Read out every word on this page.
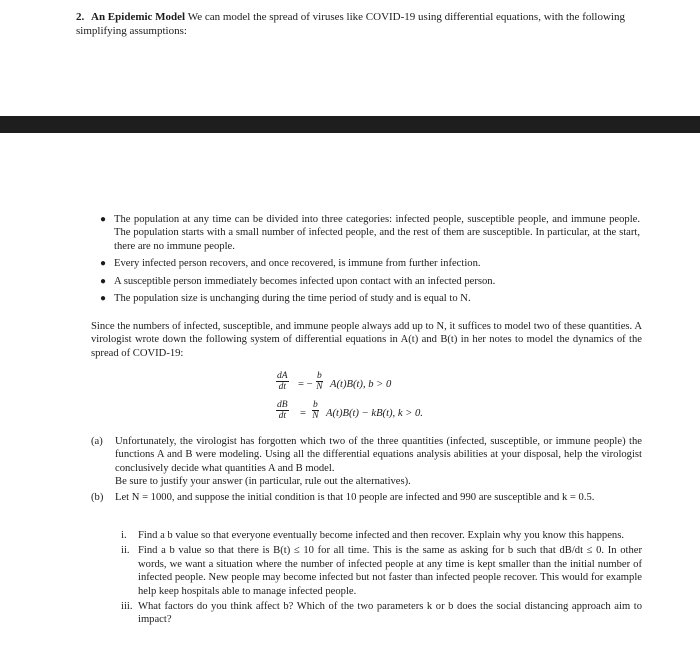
2. An Epidemic Model We can model the spread of viruses like COVID-19 using differential equations, with the following simplifying assumptions:
● The population at any time can be divided into three categories: infected people, susceptible people, and immune people. The population starts with a small number of infected people, and the rest of them are susceptible. In particular, at the start, there are no immune people.
● Every infected person recovers, and once recovered, is immune from further infection.
● A susceptible person immediately becomes infected upon contact with an infected person.
● The population size is unchanging during the time period of study and is equal to N.
Since the numbers of infected, susceptible, and immune people always add up to N, it suffices to model two of these quantities. A virologist wrote down the following system of differential equations in A(t) and B(t) in her notes to model the dynamics of the spread of COVID-19:
$\frac{dA}{dt}$ = − $\frac{b}{N} A(t)B(t)$, b > 0
$\frac{dB}{dt} = \frac{b}{N} A(t)B(t) - kB(t)$, k > 0.
(a) Unfortunately, the virologist has forgotten which two of the three quantities (infected, susceptible, or immune people) the functions A and B were modeling. Using all the differential equations analysis abilities at your disposal, help the virologist conclusively decide what quantities A and B model.
Be sure to justify your answer (in particular, rule out the alternatives).
(b) Let N = 1000, and suppose the initial condition is that 10 people are infected and 990 are susceptible and k = 0.5.
i. Find a b value so that everyone eventually become infected and then recover. Explain why you know this happens.
ii. Find a b value so that there is B(t) ≤ 10 for all time. This is the same as asking for b such that dB/dt ≤ 0. In other words, we want a situation where the number of infected people at any time is kept smaller than the initial number of infected people. New people may become infected but not faster than infected people recover. This would for example help keep hospitals able to manage infected people.
iii. What factors do you think affect b? Which of the two parameters k or b does the social distancing approach aim to impact?
